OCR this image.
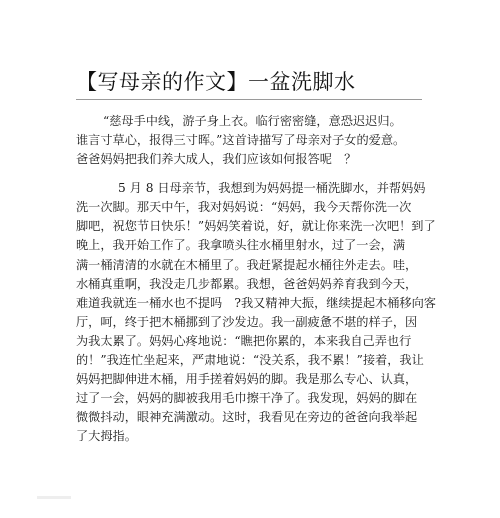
【写母亲的作文】一盆洗脚水
“慈母手中线，游子身上衣。临行密密缝，意恐迟迟归。
谁言寸草心，报得三寸晖。”这首诗描写了母亲对子女的爱意。
爸爸妈妈把我们养大成人，我们应该如何报答呢　？
5 月 8 日母亲节，我想到为妈妈提一桶洗脚水，并帮妈妈
洗一次脚。那天中午，我对妈妈说：“妈妈，我今天帮你洗一次
脚吧，祝您节日快乐！”妈妈笑着说，好，就让你来洗一次吧！到了
晚上，我开始工作了。我拿喷头往水桶里射水，过了一会，满
满一桶清清的水就在木桶里了。我赶紧提起水桶往外走去。哇，
水桶真重啊，我没走几步都累。我想，爸爸妈妈养育我到今天，
难道我就连一桶水也不提吗　?我又精神大振，继续提起木桶移向客
厅，呵，终于把木桶挪到了沙发边。我一副疲惫不堪的样子，因
为我太累了。妈妈心疼地说：“瞧把你累的，本来我自己弄也行
的！”我连忙坐起来，严肃地说：“没关系，我不累！”接着，我让
妈妈把脚伸进木桶，用手搓着妈妈的脚。我是那么专心、认真，
过了一会，妈妈的脚被我用毛巾擦干净了。我发现，妈妈的脚在
微微抖动，眼神充满激动。这时，我看见在旁边的爸爸向我举起
了大拇指。
